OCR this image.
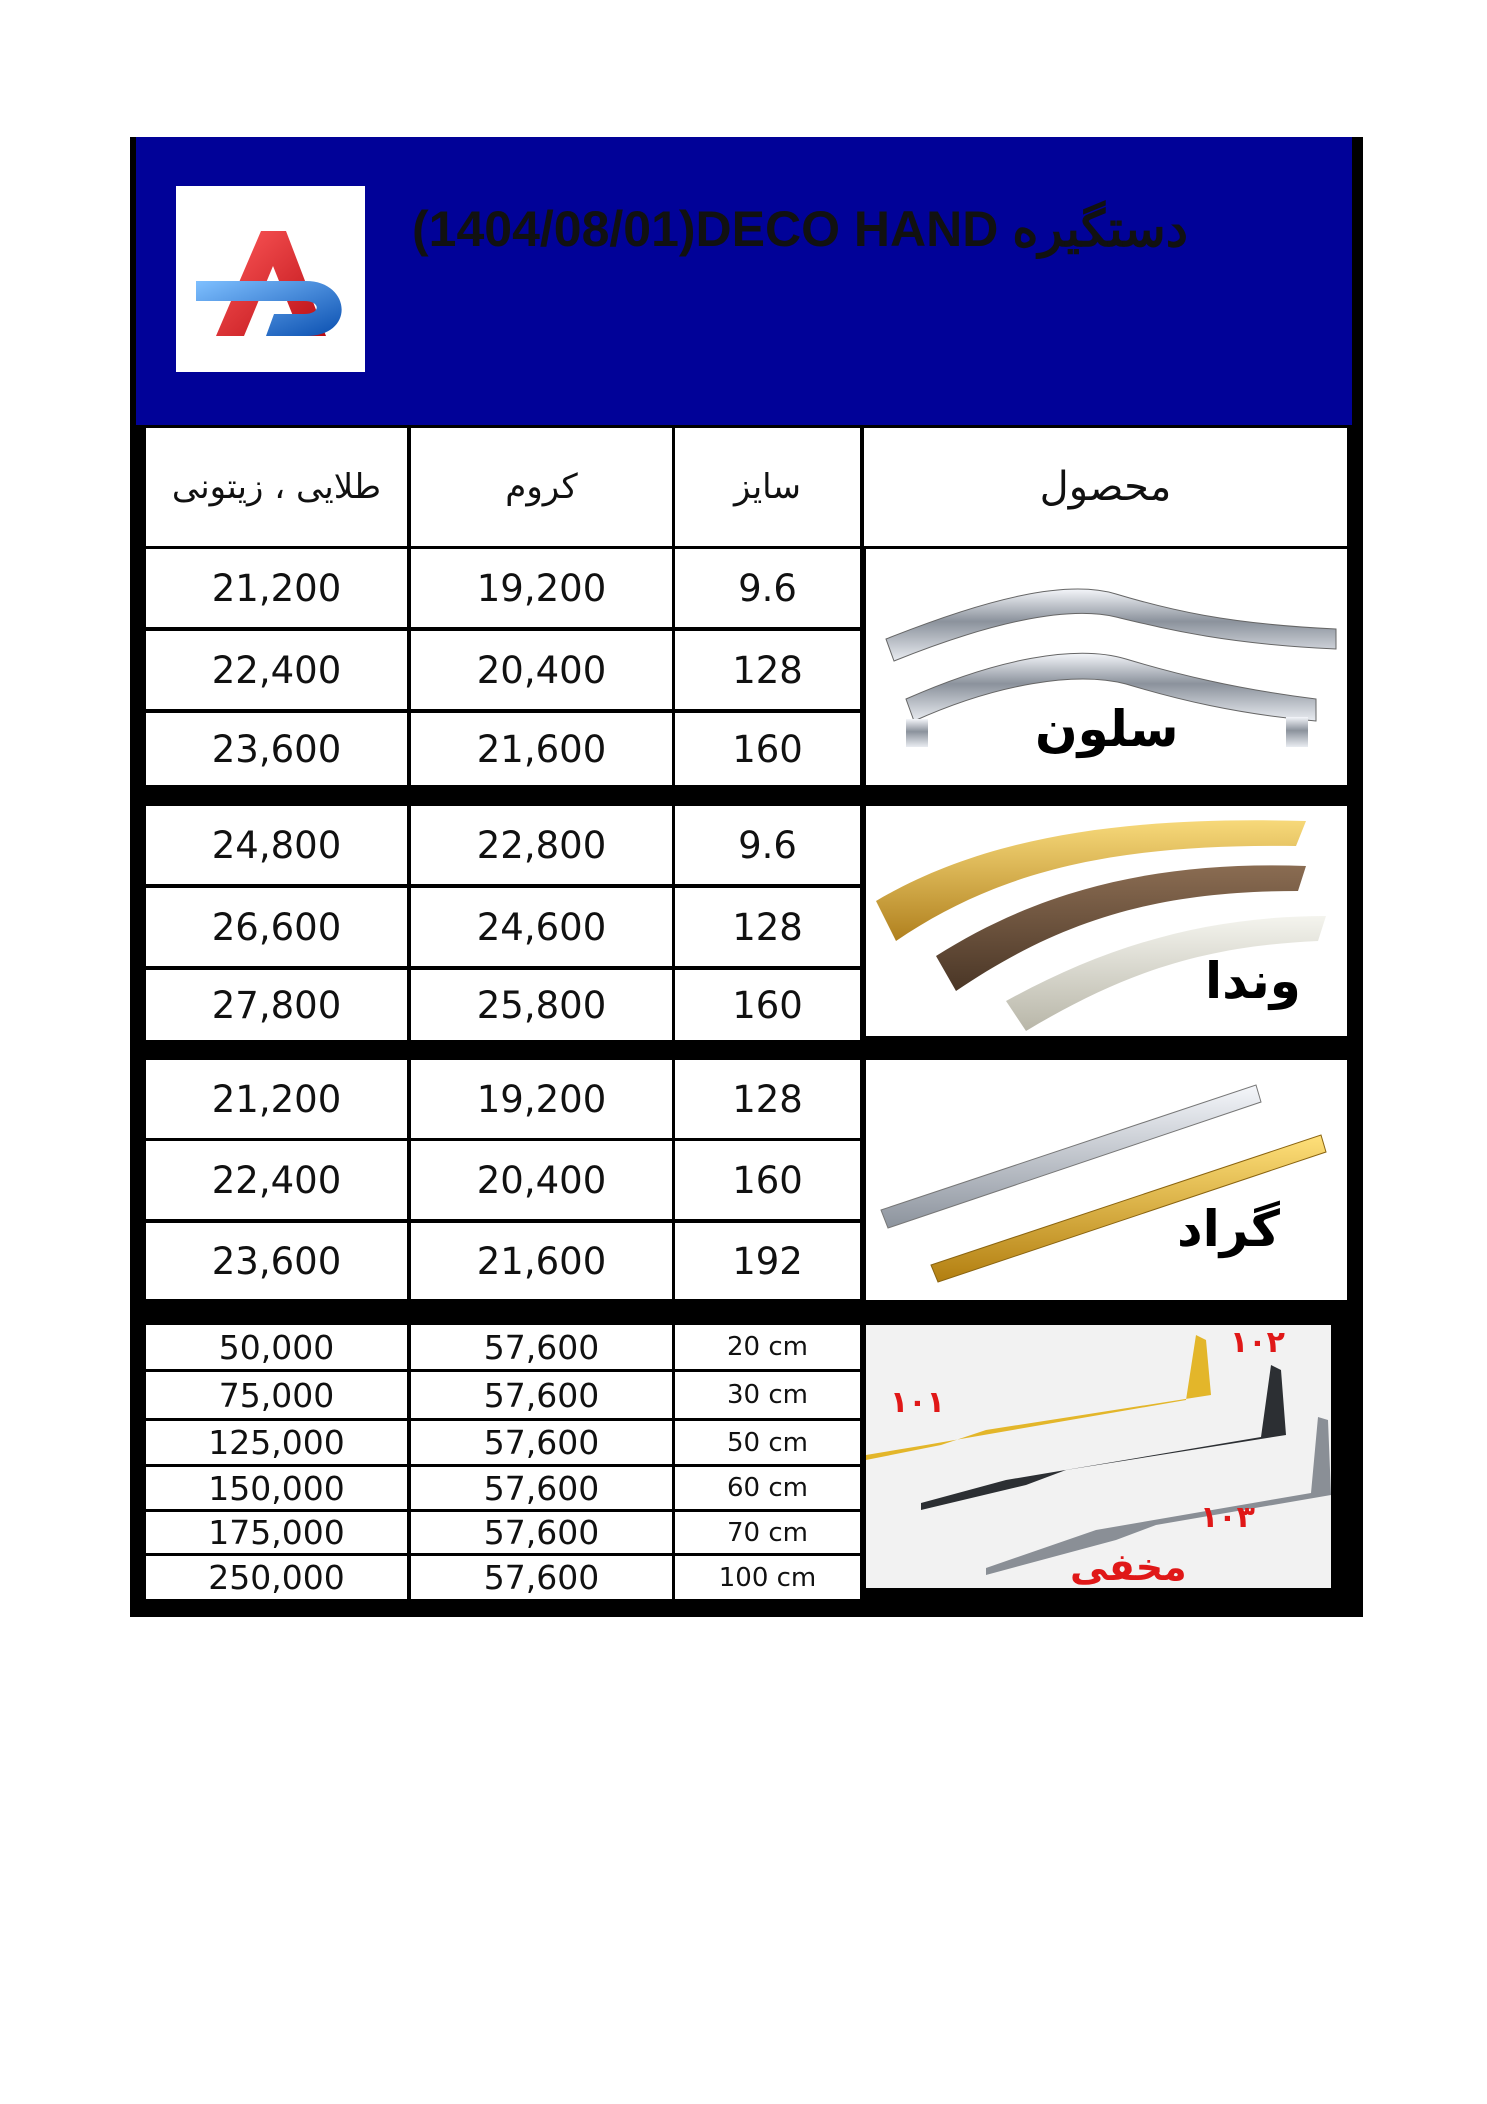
(1404/08/01)DECO HAND دستگیره
طلایی ، زیتونی	کروم	سایز	محصول
21,200	19,200	9.6
22,400	20,400	128
23,600	21,600	160
24,800	22,800	9.6
26,600	24,600	128
27,800	25,800	160
21,200	19,200	128
22,400	20,400	160
23,600	21,600	192
50,000	57,600	20 cm
75,000	57,600	30 cm
125,000	57,600	50 cm
150,000	57,600	60 cm
175,000	57,600	70 cm
250,000	57,600	100 cm
سلون
وندا
گراد
۱۰۱
۱۰۲
۱۰۳
مخفی
